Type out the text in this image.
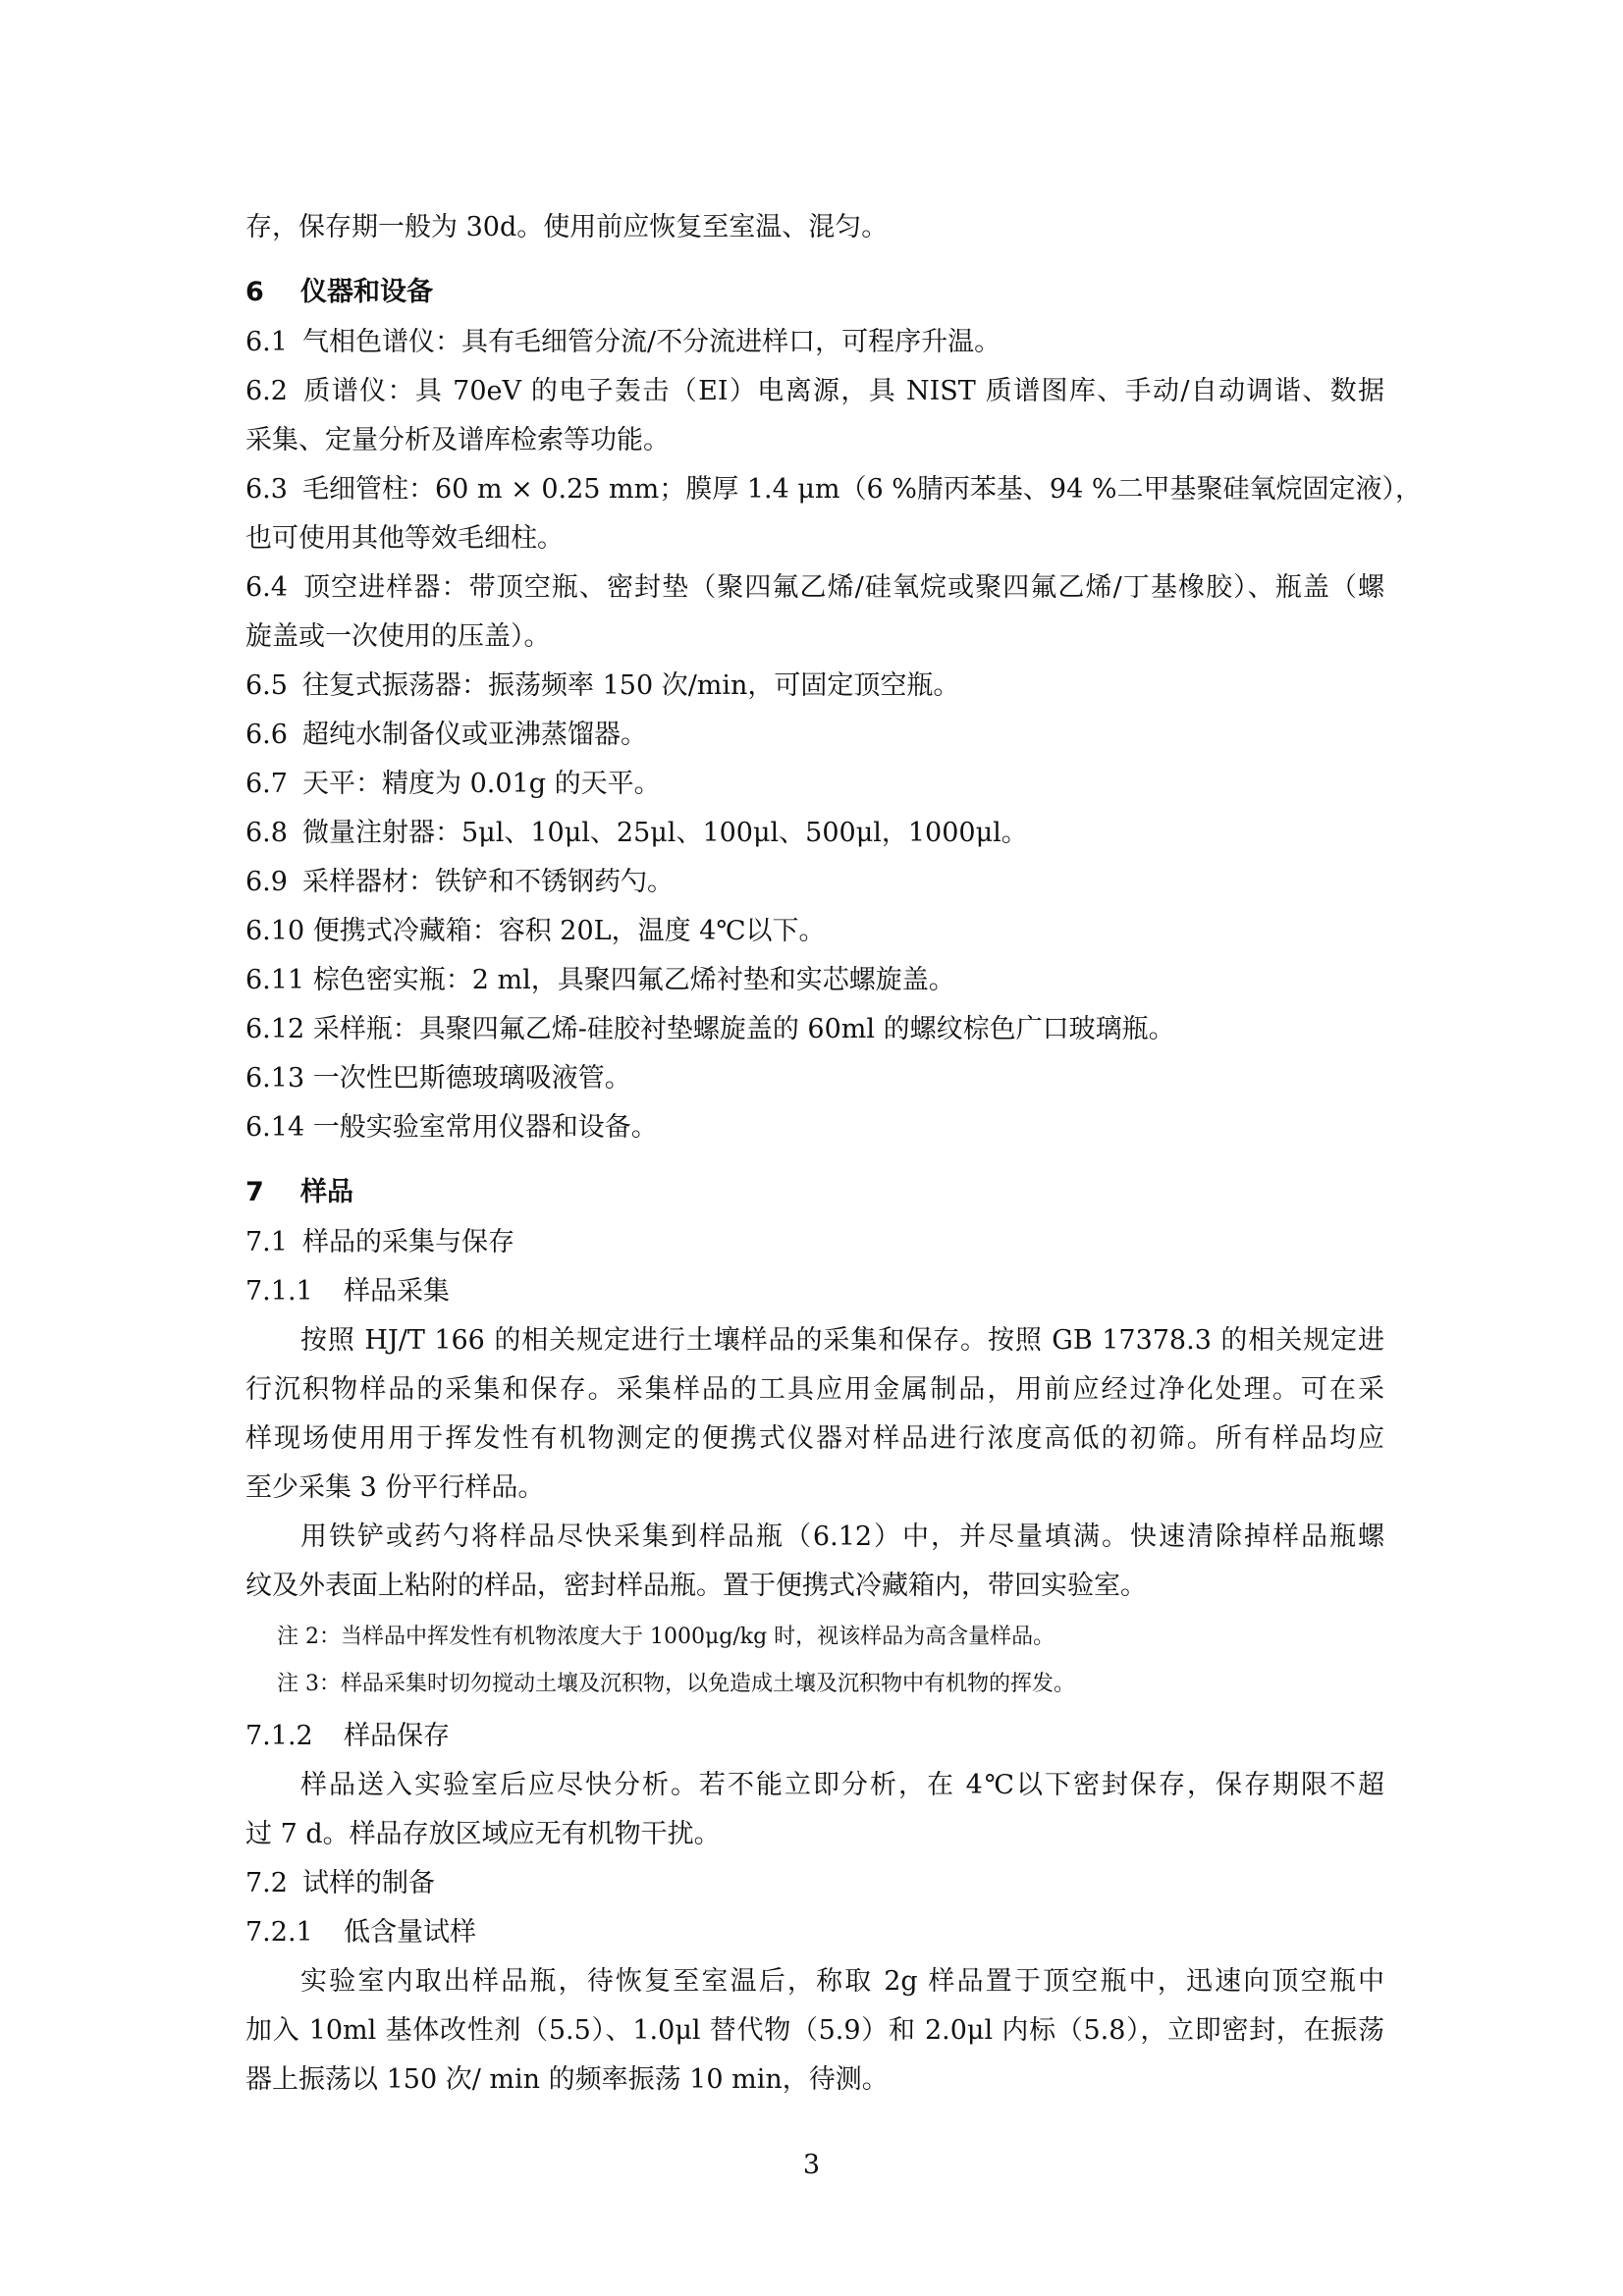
存，保存期一般为 30d。使用前应恢复至室温、混匀。
6 仪器和设备
6.1 气相色谱仪：具有毛细管分流/不分流进样口，可程序升温。
6.2 质谱仪：具 70eV 的电子轰击（EI）电离源，具 NIST 质谱图库、手动/自动调谐、数据
采集、定量分析及谱库检索等功能。
6.3 毛细管柱：60 m × 0.25 mm；膜厚 1.4 μm（6 %腈丙苯基、94 %二甲基聚硅氧烷固定液），
也可使用其他等效毛细柱。
6.4 顶空进样器：带顶空瓶、密封垫（聚四氟乙烯/硅氧烷或聚四氟乙烯/丁基橡胶）、瓶盖（螺
旋盖或一次使用的压盖）。
6.5 往复式振荡器：振荡频率 150 次/min，可固定顶空瓶。
6.6 超纯水制备仪或亚沸蒸馏器。
6.7 天平：精度为 0.01g 的天平。
6.8 微量注射器：5μl、10μl、25μl、100μl、500μl，1000μl。
6.9 采样器材：铁铲和不锈钢药勺。
6.10 便携式冷藏箱：容积 20L，温度 4℃以下。
6.11 棕色密实瓶：2 ml，具聚四氟乙烯衬垫和实芯螺旋盖。
6.12 采样瓶：具聚四氟乙烯-硅胶衬垫螺旋盖的 60ml 的螺纹棕色广口玻璃瓶。
6.13 一次性巴斯德玻璃吸液管。
6.14 一般实验室常用仪器和设备。
7 样品
7.1 样品的采集与保存
7.1.1 样品采集
按照 HJ/T 166 的相关规定进行土壤样品的采集和保存。按照 GB 17378.3 的相关规定进
行沉积物样品的采集和保存。采集样品的工具应用金属制品，用前应经过净化处理。可在采
样现场使用用于挥发性有机物测定的便携式仪器对样品进行浓度高低的初筛。所有样品均应
至少采集 3 份平行样品。
用铁铲或药勺将样品尽快采集到样品瓶（6.12）中，并尽量填满。快速清除掉样品瓶螺
纹及外表面上粘附的样品，密封样品瓶。置于便携式冷藏箱内，带回实验室。
注 2：当样品中挥发性有机物浓度大于 1000μg/kg 时，视该样品为高含量样品。
注 3：样品采集时切勿搅动土壤及沉积物，以免造成土壤及沉积物中有机物的挥发。
7.1.2 样品保存
样品送入实验室后应尽快分析。若不能立即分析，在 4℃以下密封保存，保存期限不超
过 7 d。样品存放区域应无有机物干扰。
7.2 试样的制备
7.2.1 低含量试样
实验室内取出样品瓶，待恢复至室温后，称取 2g 样品置于顶空瓶中，迅速向顶空瓶中
加入 10ml 基体改性剂（5.5）、1.0μl 替代物（5.9）和 2.0μl 内标（5.8），立即密封，在振荡
器上振荡以 150 次/ min 的频率振荡 10 min，待测。
3
